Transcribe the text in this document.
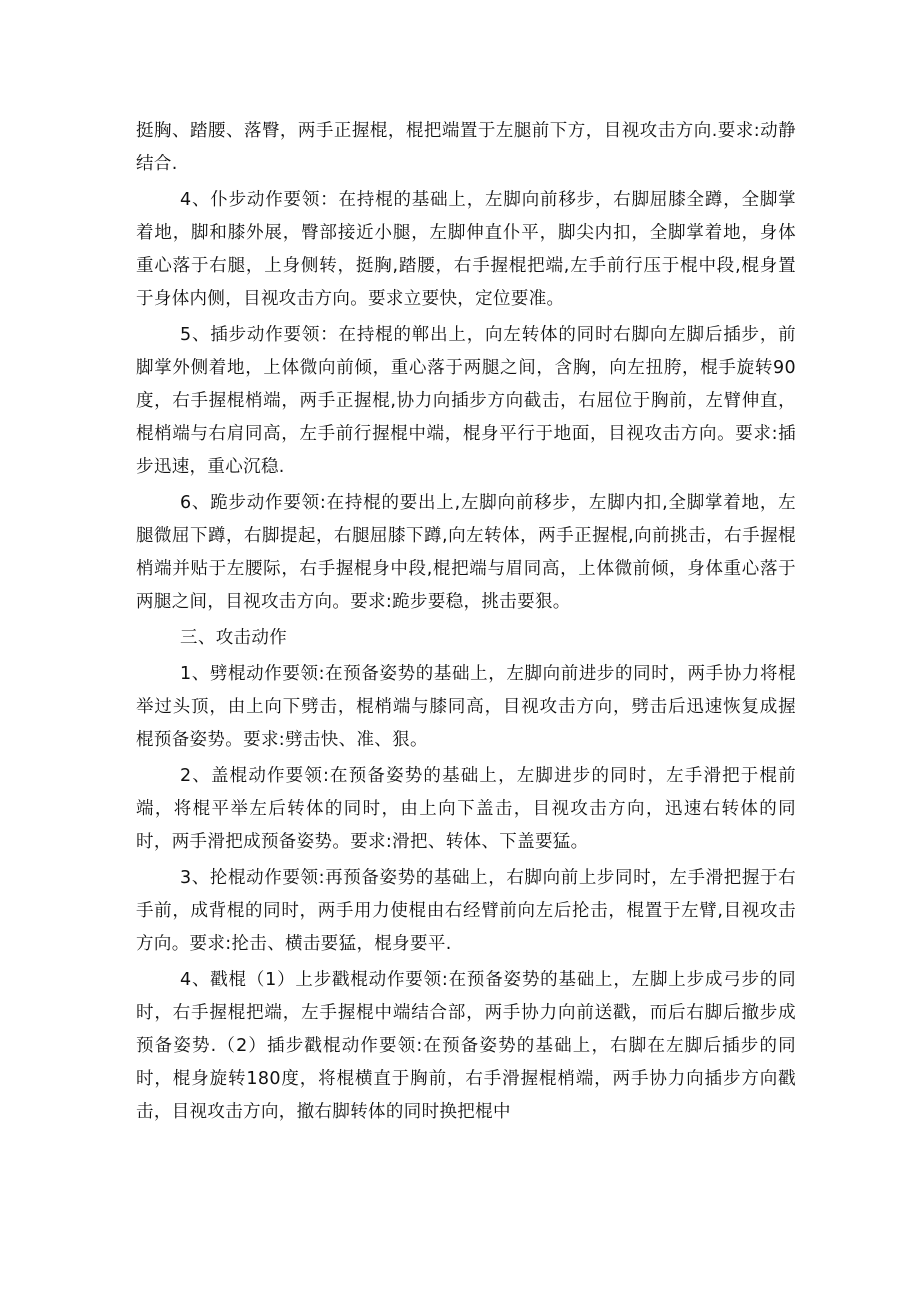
挺胸、踏腰、落臀，两手正握棍，棍把端置于左腿前下方，目视攻击方向.要求:动静结合.

4、仆步动作要领：在持棍的基础上，左脚向前移步，右脚屈膝全蹲，全脚掌着地，脚和膝外展，臀部接近小腿，左脚伸直仆平，脚尖内扣，全脚掌着地，身体重心落于右腿，上身侧转，挺胸,踏腰，右手握棍把端,左手前行压于棍中段,棍身置于身体内侧，目视攻击方向。要求立要快，定位要准。

5、插步动作要领：在持棍的郸出上，向左转体的同时右脚向左脚后插步，前脚掌外侧着地，上体微向前倾，重心落于两腿之间，含胸，向左扭胯，棍手旋转90度，右手握棍梢端，两手正握棍,协力向插步方向截击，右屈位于胸前，左臂伸直，棍梢端与右肩同高，左手前行握棍中端，棍身平行于地面，目视攻击方向。要求:插步迅速，重心沉稳.

6、跪步动作要领:在持棍的要出上,左脚向前移步，左脚内扣,全脚掌着地，左腿微屈下蹲，右脚提起，右腿屈膝下蹲,向左转体，两手正握棍,向前挑击，右手握棍梢端并贴于左腰际，右手握棍身中段,棍把端与眉同高，上体微前倾，身体重心落于两腿之间，目视攻击方向。要求:跪步要稳，挑击要狠。

三、攻击动作

1、劈棍动作要领:在预备姿势的基础上，左脚向前进步的同时，两手协力将棍举过头顶，由上向下劈击，棍梢端与膝同高，目视攻击方向，劈击后迅速恢复成握棍预备姿势。要求:劈击快、准、狠。

2、盖棍动作要领:在预备姿势的基础上，左脚进步的同时，左手滑把于棍前端，将棍平举左后转体的同时，由上向下盖击，目视攻击方向，迅速右转体的同时，两手滑把成预备姿势。要求:滑把、转体、下盖要猛。

3、抡棍动作要领:再预备姿势的基础上，右脚向前上步同时，左手滑把握于右手前，成背棍的同时，两手用力使棍由右经臂前向左后抡击，棍置于左臂,目视攻击方向。要求:抡击、横击要猛，棍身要平.

4、戳棍（1）上步戳棍动作要领:在预备姿势的基础上，左脚上步成弓步的同时，右手握棍把端，左手握棍中端结合部，两手协力向前送戳，而后右脚后撤步成预备姿势.（2）插步戳棍动作要领:在预备姿势的基础上，右脚在左脚后插步的同时，棍身旋转180度，将棍横直于胸前，右手滑握棍梢端，两手协力向插步方向戳击，目视攻击方向，撤右脚转体的同时换把棍中
